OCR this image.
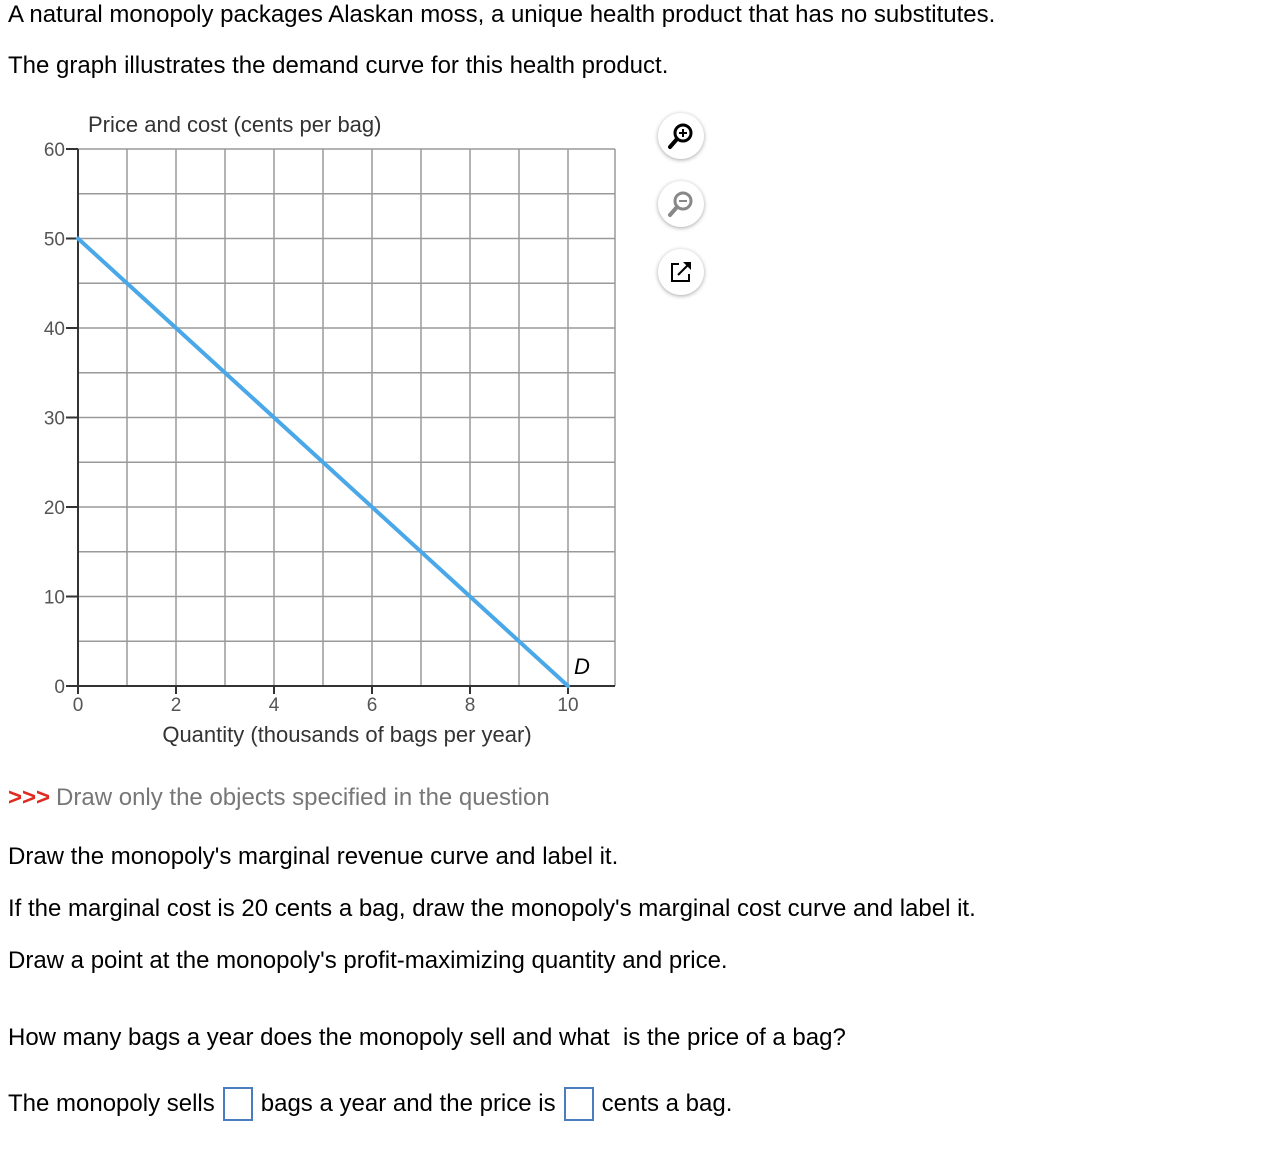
A natural monopoly packages Alaskan moss, a unique health product that has no substitutes.
The graph illustrates the demand curve for this health product.
0
10
20
30
40
50
60
0	2	4	6	8	10
D
Price and cost (cents per bag)
Quantity (thousands of bags per year)
>>> Draw only the objects specified in the question
Draw the monopoly's marginal revenue curve and label it.
If the marginal cost is 20 cents a bag, draw the monopoly's marginal cost curve and label it.
Draw a point at the monopoly's profit-maximizing quantity and price.
How many bags a year does the monopoly sell and what  is the price of a bag?
The monopoly sells bags a year and the price is cents a bag.
